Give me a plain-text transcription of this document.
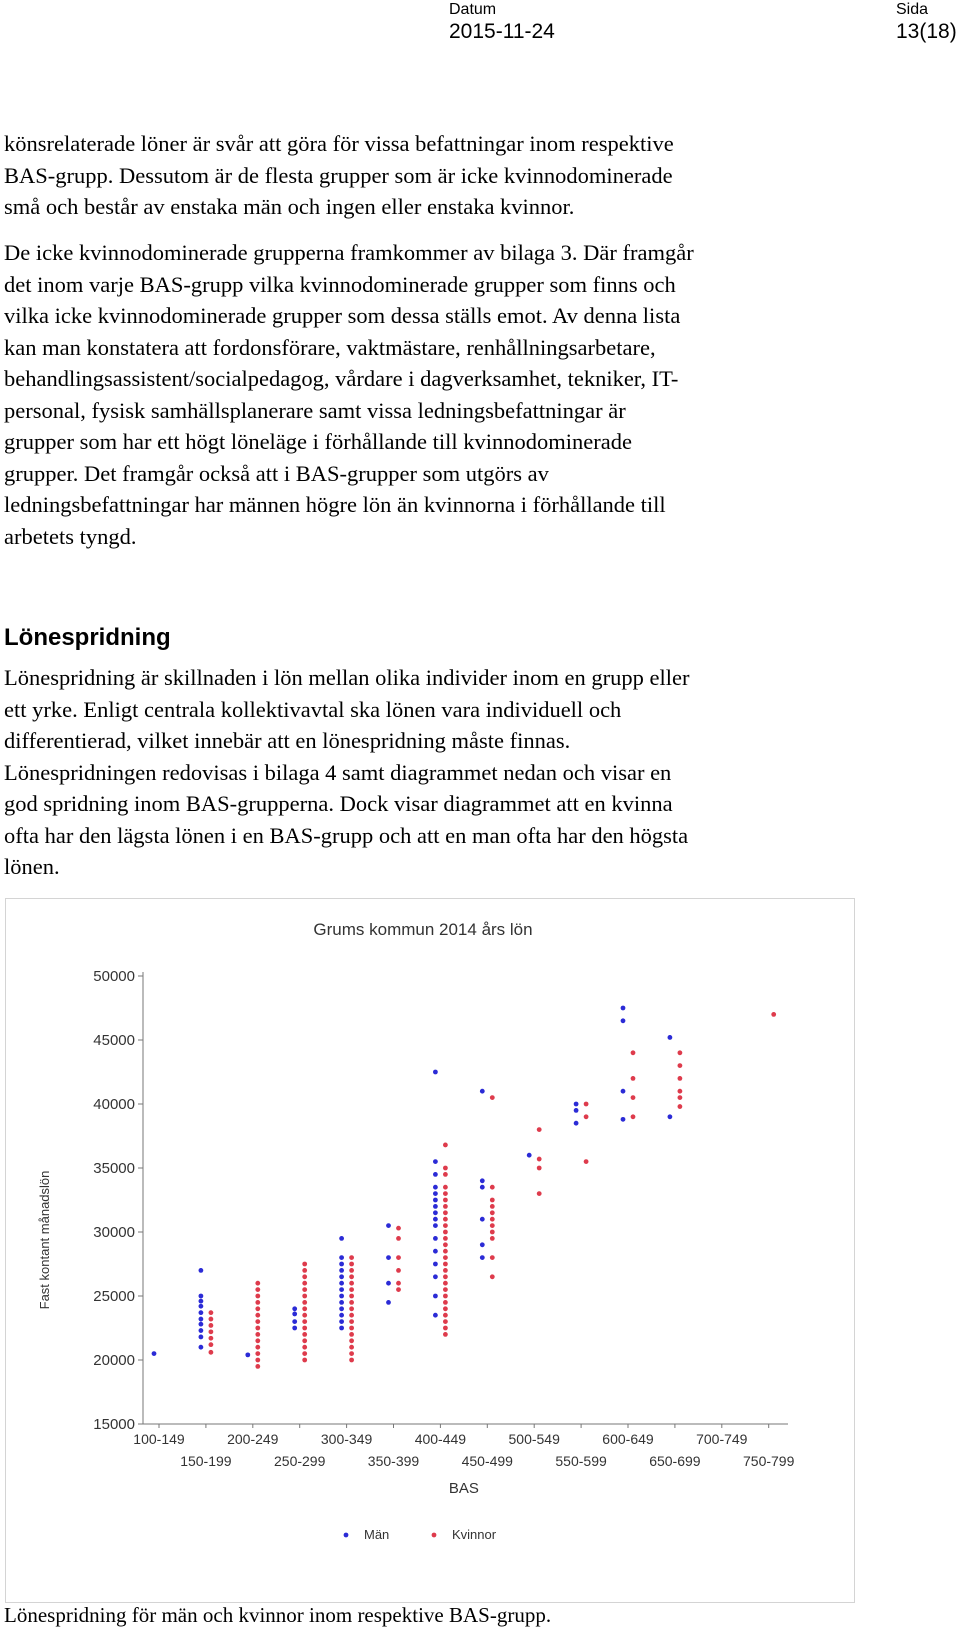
Datum
2015-11-24
Sida
13(18)
könsrelaterade löner är svår att göra för vissa befattningar inom respektive
BAS-grupp. Dessutom är de flesta grupper som är icke kvinnodominerade
små och består av enstaka män och ingen eller enstaka kvinnor.
De icke kvinnodominerade grupperna framkommer av bilaga 3. Där framgår
det inom varje BAS-grupp vilka kvinnodominerade grupper som finns och
vilka icke kvinnodominerade grupper som dessa ställs emot. Av denna lista
kan man konstatera att fordonsförare, vaktmästare, renhållningsarbetare,
behandlingsassistent/socialpedagog, vårdare i dagverksamhet, tekniker, IT-
personal, fysisk samhällsplanerare samt vissa ledningsbefattningar är
grupper som har ett högt löneläge i förhållande till kvinnodominerade
grupper. Det framgår också att i BAS-grupper som utgörs av
ledningsbefattningar har männen högre lön än kvinnorna i förhållande till
arbetets tyngd.
Lönespridning
Lönespridning är skillnaden i lön mellan olika individer inom en grupp eller
ett yrke. Enligt centrala kollektivavtal ska lönen vara individuell och
differentierad, vilket innebär att en lönespridning måste finnas.
Lönespridningen redovisas i bilaga 4 samt diagrammet nedan och visar en
god spridning inom BAS-grupperna. Dock visar diagrammet att en kvinna
ofta har den lägsta lönen i en BAS-grupp och att en man ofta har den högsta
lönen.
Grums kommun 2014 års lön
15000
20000
25000
30000
35000
40000
45000
50000
Fast kontant månadslön
100-149
150-199
200-249
250-299
300-349
350-399
400-449
450-499
500-549
550-599
600-649
650-699
700-749
750-799
BAS
Män	Kvinnor
Lönespridning för män och kvinnor inom respektive BAS-grupp.
